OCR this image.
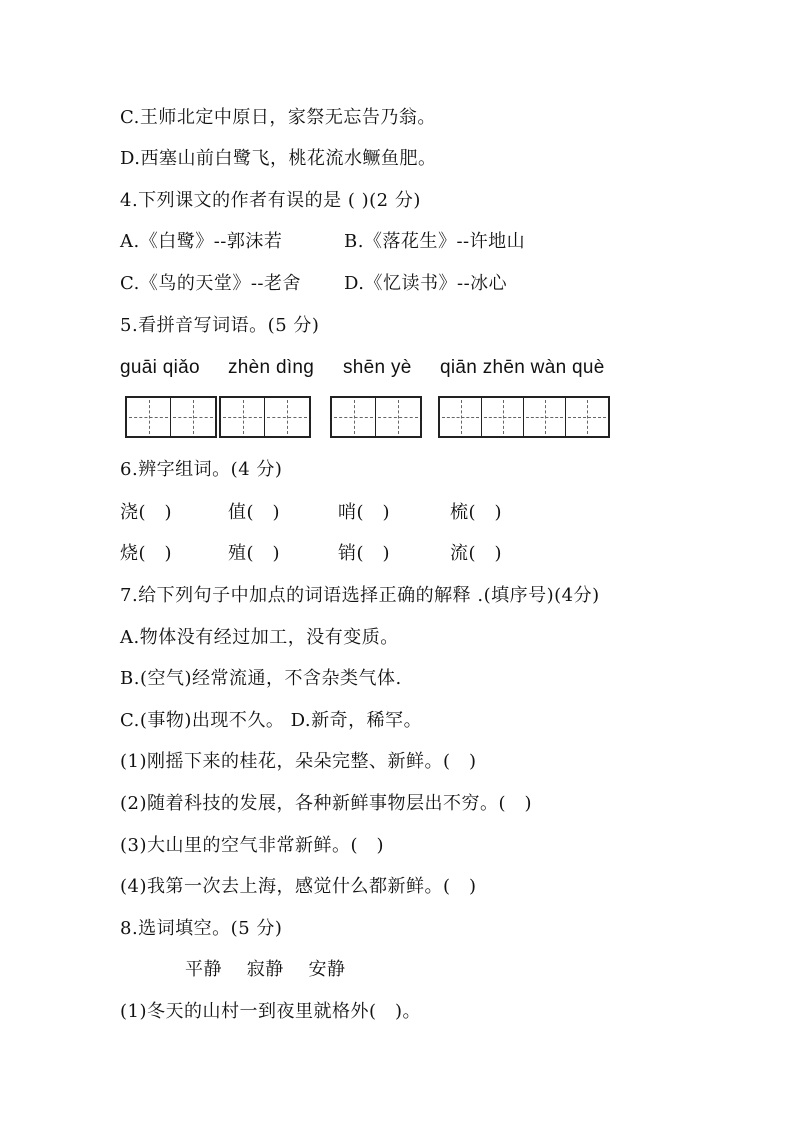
C.王师北定中原日，家祭无忘告乃翁。
D.西塞山前白鹭飞，桃花流水鳜鱼肥。
4.下列课文的作者有误的是 ( )(2 分)
A.《白鹭》--郭沫若	B.《落花生》--许地山
C.《鸟的天堂》--老舍 D.《忆读书》--冰心
5.看拼音写词语。(5 分)
guāi qiǎo zhèn dìng shēn yè qiān zhēn wàn què
6.辨字组词。(4 分)
浇(　)	值(　)	哨(　)	梳(　)
烧(　)	殖(　)	销(　)	流(　)
7.给下列句子中加点的词语选择正确的解释 .(填序号)(4分)
A.物体没有经过加工，没有变质。
B.(空气)经常流通，不含杂类气体.
C.(事物)出现不久。 D.新奇，稀罕。
(1)刚摇下来的桂花，朵朵完整、新鲜。(　)
(2)随着科技的发展，各种新鲜事物层出不穷。(　)
(3)大山里的空气非常新鲜。(　)
(4)我第一次去上海，感觉什么都新鲜。(　)
8.选词填空。(5 分)
平静　 寂静　 安静
(1)冬天的山村一到夜里就格外(　)。
